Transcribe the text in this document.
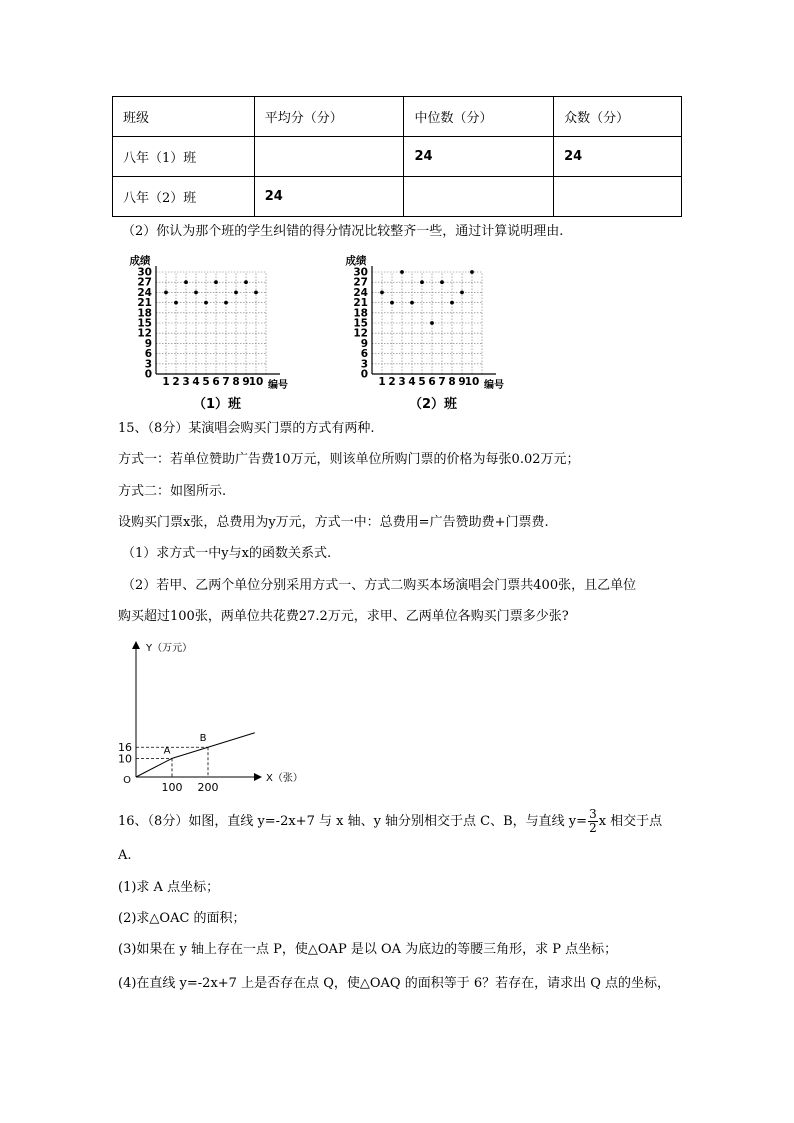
班级	平均分（分）	中位数（分）	众数（分）
八年（1）班		24	24
八年（2）班	24		
（2）你认为那个班的学生纠错的得分情况比较整齐一些，通过计算说明理由.
0
3
6
9
12
15
18
21
24
27
30
1 2 3 4 5 6 7 8 9 10
成绩
编号
（1）班
0
3
6
9
12
15
18
21
24
27
30
1 2 3 4 5 6 7 8 9 10
成绩
编号
（2）班
15、（8分）某演唱会购买门票的方式有两种.
方式一：若单位赞助广告费10万元，则该单位所购门票的价格为每张0.02万元；
方式二：如图所示.
设购买门票x张，总费用为y万元，方式一中：总费用=广告赞助费+门票费.
（1）求方式一中y与x的函数关系式.
（2）若甲、乙两个单位分别采用方式一、方式二购买本场演唱会门票共400张，且乙单位
购买超过100张，两单位共花费27.2万元，求甲、乙两单位各购买门票多少张?
Y（万元）
X（张）
O
10
16
100 200
A
B
16、（8分）如图，直线 y=-2x+7 与 x 轴、y 轴分别相交于点 C、B，与直线 $y= \frac{3}{2}$ x 相交于点
A.
(1)求 A 点坐标；
(2)求△OAC 的面积；
(3)如果在 y 轴上存在一点 P，使△OAP 是以 OA 为底边的等腰三角形，求 P 点坐标；
(4)在直线 y=-2x+7 上是否存在点 Q，使△OAQ 的面积等于 6？若存在，请求出 Q 点的坐标，
